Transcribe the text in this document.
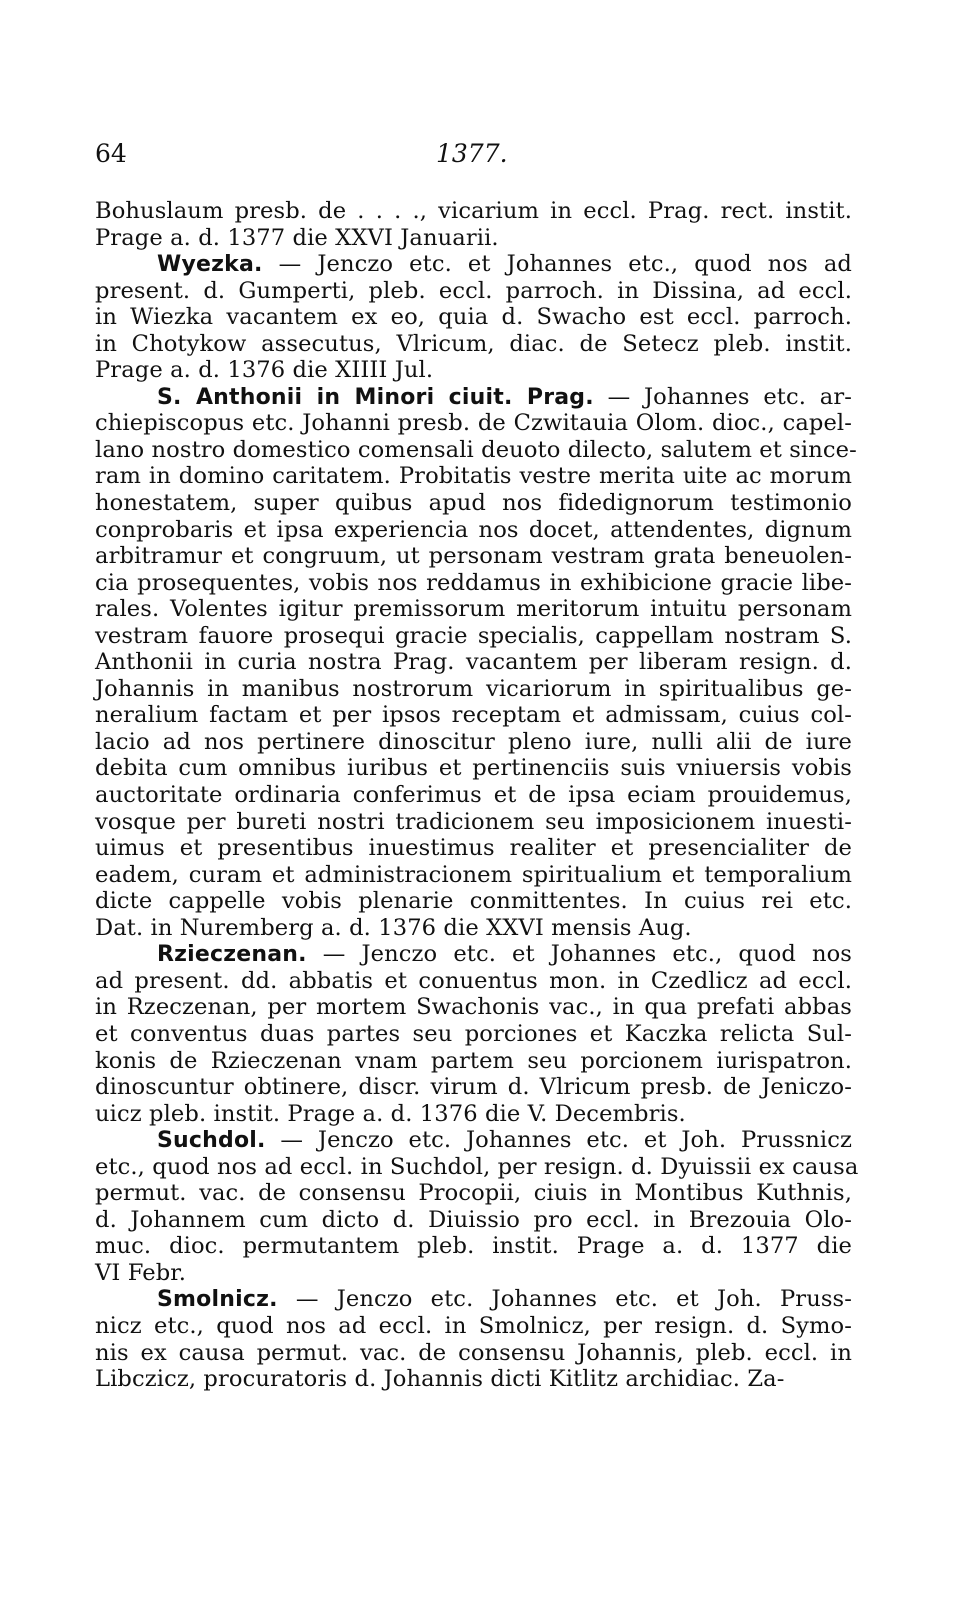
64	1377.
Bohuslaum presb. de . . . ., vicarium in eccl. Prag. rect. instit.
Prage a. d. 1377 die XXVI Januarii.
Wyezka. — Jenczo etc. et Johannes etc., quod nos ad
present. d. Gumperti, pleb. eccl. parroch. in Dissina, ad eccl.
in Wiezka vacantem ex eo, quia d. Swacho est eccl. parroch.
in Chotykow assecutus, Vlricum, diac. de Setecz pleb. instit.
Prage a. d. 1376 die XIIII Jul.
S. Anthonii in Minori ciuit. Prag. — Johannes etc. ar-
chiepiscopus etc. Johanni presb. de Czwitauia Olom. dioc., capel-
lano nostro domestico comensali deuoto dilecto, salutem et since-
ram in domino caritatem. Probitatis vestre merita uite ac morum
honestatem, super quibus apud nos fidedignorum testimonio
conprobaris et ipsa experiencia nos docet, attendentes, dignum
arbitramur et congruum, ut personam vestram grata beneuolen-
cia prosequentes, vobis nos reddamus in exhibicione gracie libe-
rales. Volentes igitur premissorum meritorum intuitu personam
vestram fauore prosequi gracie specialis, cappellam nostram S.
Anthonii in curia nostra Prag. vacantem per liberam resign. d.
Johannis in manibus nostrorum vicariorum in spiritualibus ge-
neralium factam et per ipsos receptam et admissam, cuius col-
lacio ad nos pertinere dinoscitur pleno iure, nulli alii de iure
debita cum omnibus iuribus et pertinenciis suis vniuersis vobis
auctoritate ordinaria conferimus et de ipsa eciam prouidemus,
vosque per bureti nostri tradicionem seu imposicionem inuesti-
uimus et presentibus inuestimus realiter et presencialiter de
eadem, curam et administracionem spiritualium et temporalium
dicte cappelle vobis plenarie conmittentes. In cuius rei etc.
Dat. in Nuremberg a. d. 1376 die XXVI mensis Aug.
Rzieczenan. — Jenczo etc. et Johannes etc., quod nos
ad present. dd. abbatis et conuentus mon. in Czedlicz ad eccl.
in Rzeczenan, per mortem Swachonis vac., in qua prefati abbas
et conventus duas partes seu porciones et Kaczka relicta Sul-
konis de Rzieczenan vnam partem seu porcionem iurispatron.
dinoscuntur obtinere, discr. virum d. Vlricum presb. de Jeniczo-
uicz pleb. instit. Prage a. d. 1376 die V. Decembris.
Suchdol. — Jenczo etc. Johannes etc. et Joh. Prussnicz
etc., quod nos ad eccl. in Suchdol, per resign. d. Dyuissii ex causa
permut. vac. de consensu Procopii, ciuis in Montibus Kuthnis,
d. Johannem cum dicto d. Diuissio pro eccl. in Brezouia Olo-
muc. dioc. permutantem pleb. instit. Prage a. d. 1377 die
VI Febr.
Smolnicz. — Jenczo etc. Johannes etc. et Joh. Pruss-
nicz etc., quod nos ad eccl. in Smolnicz, per resign. d. Symo-
nis ex causa permut. vac. de consensu Johannis, pleb. eccl. in
Libczicz, procuratoris d. Johannis dicti Kitlitz archidiac. Za-
